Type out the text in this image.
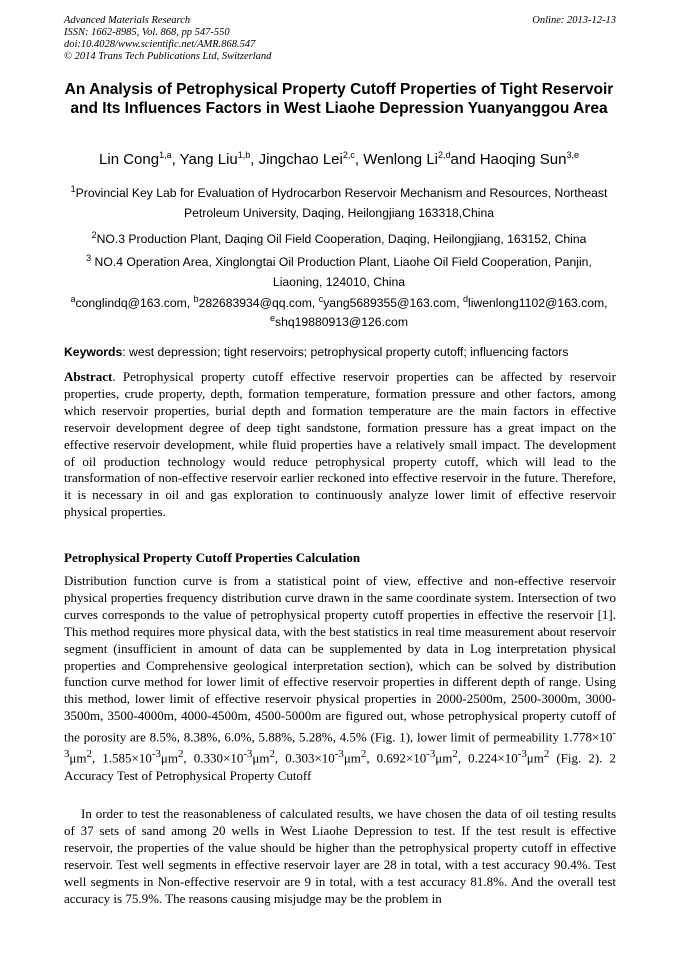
Advanced Materials Research
ISSN: 1662-8985, Vol. 868, pp 547-550
doi:10.4028/www.scientific.net/AMR.868.547
© 2014 Trans Tech Publications Ltd, Switzerland
Online: 2013-12-13
An Analysis of Petrophysical Property Cutoff Properties of Tight Reservoir and Its Influences Factors in West Liaohe Depression Yuanyanggou Area
Lin Cong$^{1,a}$, Yang Liu$^{1,b}$, Jingchao Lei$^{2,c}$, Wenlong Li$^{2,d}$and Haoqing Sun$^{3,e}$
$^1$Provincial Key Lab for Evaluation of Hydrocarbon Reservoir Mechanism and Resources, Northeast Petroleum University, Daqing, Heilongjiang 163318,China
$^2$NO.3 Production Plant, Daqing Oil Field Cooperation, Daqing, Heilongjiang, 163152, China
$^3$ NO.4 Operation Area, Xinglongtai Oil Production Plant, Liaohe Oil Field Cooperation, Panjin, Liaoning, 124010, China
$^a$conglindq@163.com, $^b$282683934@qq.com, $^c$yang5689355@163.com, $^d$liwenlong1102@163.com,
$^e$shq19880913@126.com
Keywords: west depression; tight reservoirs; petrophysical property cutoff; influencing factors
Abstract. Petrophysical property cutoff effective reservoir properties can be affected by reservoir properties, crude property, depth, formation temperature, formation pressure and other factors, among which reservoir properties, burial depth and formation temperature are the main factors in effective reservoir development degree of deep tight sandstone, formation pressure has a great impact on the effective reservoir development, while fluid properties have a relatively small impact. The development of oil production technology would reduce petrophysical property cutoff, which will lead to the transformation of non-effective reservoir earlier reckoned into effective reservoir in the future. Therefore, it is necessary in oil and gas exploration to continuously analyze lower limit of effective reservoir physical properties.
Petrophysical Property Cutoff Properties Calculation
Distribution function curve is from a statistical point of view, effective and non-effective reservoir physical properties frequency distribution curve drawn in the same coordinate system. Intersection of two curves corresponds to the value of petrophysical property cutoff properties in effective the reservoir [1]. This method requires more physical data, with the best statistics in real time measurement about reservoir segment (insufficient in amount of data can be supplemented by data in Log interpretation physical properties and Comprehensive geological interpretation section), which can be solved by distribution function curve method for lower limit of effective reservoir properties in different depth of range. Using this method, lower limit of effective reservoir physical properties in 2000-2500m, 2500-3000m, 3000-3500m, 3500-4000m, 4000-4500m, 4500-5000m are figured out, whose petrophysical property cutoff of the porosity are 8.5%, 8.38%, 6.0%, 5.88%, 5.28%, 4.5% (Fig. 1), lower limit of permeability $1.778\times 10^{-3}\mu m^2$, $1.585\times 10^{-3}\mu m^2$, $0.330\times 10^{-3}\mu m^2$, $0.303\times 10^{-3}\mu m^2$, $0.692\times 10^{-3}\mu m^2$, $0.224\times 10^{-3}\mu m^2$ (Fig. 2). 2 Accuracy Test of Petrophysical Property Cutoff
In order to test the reasonableness of calculated results, we have chosen the data of oil testing results of 37 sets of sand among 20 wells in West Liaohe Depression to test. If the test result is effective reservoir, the properties of the value should be higher than the petrophysical property cutoff in effective reservoir. Test well segments in effective reservoir layer are 28 in total, with a test accuracy 90.4%. Test well segments in Non-effective reservoir are 9 in total, with a test accuracy 81.8%. And the overall test accuracy is 75.9%. The reasons causing misjudge may be the problem in
